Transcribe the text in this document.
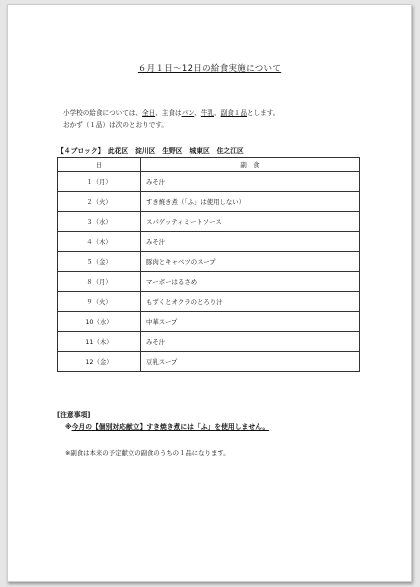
６月１日～12日の給食実施について
小学校の給食については、全日、主食はパン、牛乳、副食１品とします。
おかず（１品）は次のとおりです。
【４ブロック】　此花区　淀川区　生野区　城東区　住之江区
日	副　食
１（月）	みそ汁
２（火）	すき焼き煮（「ふ」は使用しない）
３（水）	スパゲッティミートソース
４（木）	みそ汁
５（金）	豚肉とキャベツのスープ
８（月）	マーボーはるさめ
９（火）	もずくとオクラのとろり汁
10（水）	中華スープ
11（木）	みそ汁
12（金）	豆乳スープ
[注意事項]
※今月の【個別対応献立】すき焼き煮には「ふ」を使用しません。
※副食は本来の予定献立の副食のうちの１品になります。
